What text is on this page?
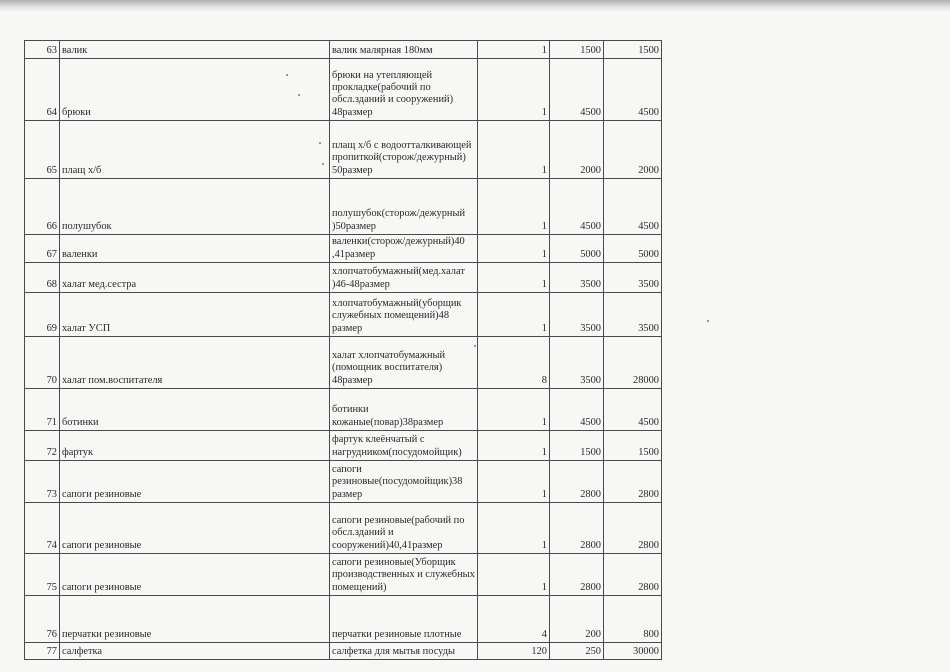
63	валик	валик малярная 180мм	1	1500	1500
64	брюки	брюки на утепляющей прокладке(рабочий по обсл.зданий и сооружений) 48размер	1	4500	4500
65	плащ х/б	плащ х/б с водоотталкивающей пропиткой(сторож/дежурный) 50размер	1	2000	2000
66	полушубок	полушубок(сторож/дежурный )50размер	1	4500	4500
67	валенки	валенки(сторож/дежурный)40 ,41размер	1	5000	5000
68	халат мед.сестра	хлопчатобумажный(мед.халат )46-48размер	1	3500	3500
69	халат УСП	хлопчатобумажный(уборщик служебных помещений)48 размер	1	3500	3500
70	халат пом.воспитателя	халат хлопчатобумажный (помощник воспитателя) 48размер	8	3500	28000
71	ботинки	ботинки кожаные(повар)38размер	1	4500	4500
72	фартук	фартук клеёнчатый с нагрудником(посудомойщик)	1	1500	1500
73	сапоги резиновые	сапоги резиновые(посудомойщик)38 размер	1	2800	2800
74	сапоги резиновые	сапоги резиновые(рабочий по обсл.зданий и сооружений)40,41размер	1	2800	2800
75	сапоги резиновые	сапоги резиновые(Уборщик производственных и служебных помещений)	1	2800	2800
76	перчатки резиновые	перчатки резиновые плотные	4	200	800
77	салфетка	салфетка для мытья посуды	120	250	30000
